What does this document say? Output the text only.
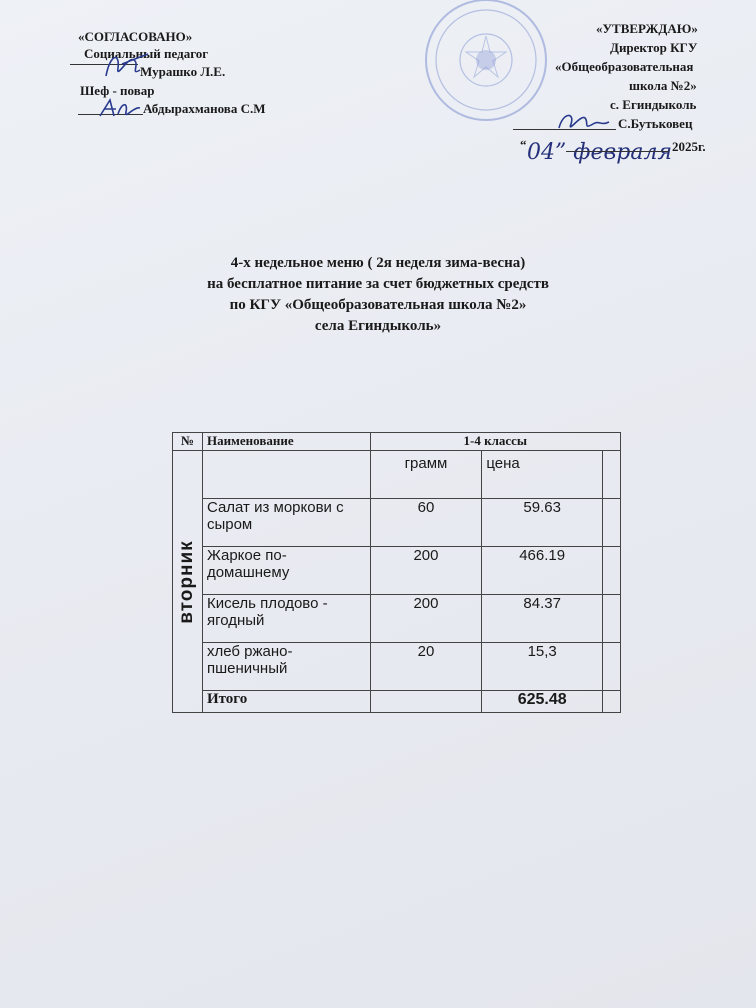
«СОГЛАСОВАНО»
Социальный педагог
Мурашко Л.Е.
Шеф - повар
Абдырахманова С.М
«УТВЕРЖДАЮ»
Директор КГУ
«Общеобразовательная
школа №2»
с. Егиндыколь
С.Бутьковец
“ 04” февраля 2025г.
4-х недельное меню ( 2я неделя зима-весна)
на бесплатное питание за счет бюджетных средств
по КГУ «Общеобразовательная школа №2»
села Егиндыколь»
№	Наименование	1-4 классы		

вторник		грамм	цена	
	Салат из моркови с сыром	60	59.63	
	Жаркое по-домашнему	200	466.19	
	Кисель плодово - ягодный	200	84.37	
	хлеб ржано-пшеничный	20	15,3	
	Итого		625.48	
